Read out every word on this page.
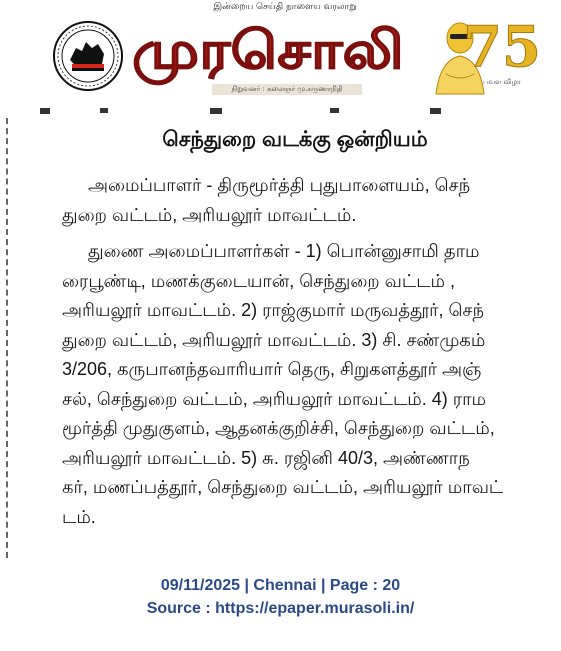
இன்றைய செய்தி நாளைய வரலாறு
முரசொலி
நிறுவனர் : கலைஞர் மு.கருணாநிதி
75
பவள விழா
செந்துறை வடக்கு ஒன்றியம்
அமைப்பாளர் - திருமூர்த்தி புதுபாளையம், செந்
துறை வட்டம், அரியலூர் மாவட்டம்.
துணை அமைப்பாளர்கள் - 1) பொன்னுசாமி தாம
ரைபூண்டி, மணக்குடையான், செந்துறை வட்டம் ,
அரியலூர் மாவட்டம். 2) ராஜ்குமார் மருவத்தூர், செந்
துறை வட்டம், அரியலூர் மாவட்டம். 3) சி. சண்முகம்
3/206, கருபானந்தவாரியார் தெரு, சிறுகளத்தூர் அஞ்
சல், செந்துறை வட்டம், அரியலூர் மாவட்டம். 4) ராம
மூர்த்தி முதுகுளம், ஆதனக்குறிச்சி, செந்துறை வட்டம்,
அரியலூர் மாவட்டம். 5) சு. ரஜினி 40/3, அண்ணாந
கர், மணப்பத்தூர், செந்துறை வட்டம், அரியலூர் மாவட்
டம்.
09/11/2025 | Chennai | Page : 20
Source : https://epaper.murasoli.in/
